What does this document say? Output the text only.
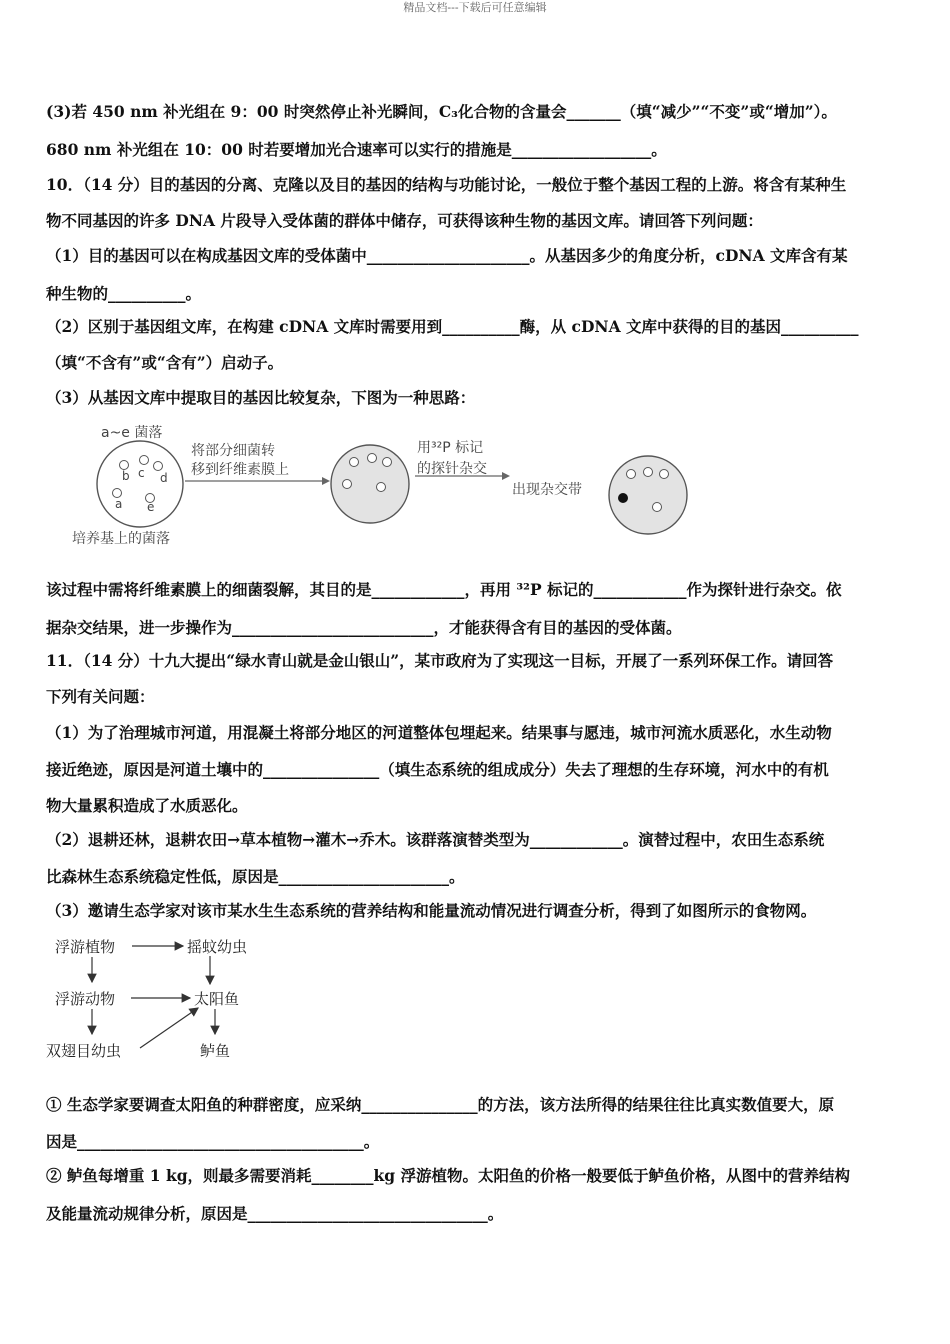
精品文档---下载后可任意编辑
(3)若 450 nm 补光组在 9：00 时突然停止补光瞬间，C₃化合物的含量会_______（填“减少”“不变”或“增加”）。
680 nm 补光组在 10：00 时若要增加光合速率可以实行的措施是__________________。
10．（14 分）目的基因的分离、克隆以及目的基因的结构与功能讨论，一般位于整个基因工程的上游。将含有某种生
物不同基因的许多 DNA 片段导入受体菌的群体中储存，可获得该种生物的基因文库。请回答下列问题：
（1）目的基因可以在构成基因文库的受体菌中_____________________。从基因多少的角度分析，cDNA 文库含有某
种生物的__________。
（2）区别于基因组文库，在构建 cDNA 文库时需要用到__________酶，从 cDNA 文库中获得的目的基因__________
（填“不含有”或“含有”）启动子。
（3）从基因文库中提取目的基因比较复杂，下图为一种思路：
a~e 菌落
b c d
a e
将部分细菌转
移到纤维素膜上
用³²P 标记
的探针杂交
出现杂交带
培养基上的菌落
该过程中需将纤维素膜上的细菌裂解，其目的是____________，再用 ³²P 标记的____________作为探针进行杂交。依
据杂交结果，进一步操作为__________________________，才能获得含有目的基因的受体菌。
11．（14 分）十九大提出“绿水青山就是金山银山”，某市政府为了实现这一目标，开展了一系列环保工作。请回答
下列有关问题：
（1）为了治理城市河道，用混凝土将部分地区的河道整体包埋起来。结果事与愿违，城市河流水质恶化，水生动物
接近绝迹，原因是河道土壤中的_______________（填生态系统的组成成分）失去了理想的生存环境，河水中的有机
物大量累积造成了水质恶化。
（2）退耕还林，退耕农田→草本植物→灌木→乔木。该群落演替类型为____________。演替过程中，农田生态系统
比森林生态系统稳定性低，原因是______________________。
（3）邀请生态学家对该市某水生生态系统的营养结构和能量流动情况进行调查分析，得到了如图所示的食物网。
浮游植物	摇蚊幼虫
浮游动物	太阳鱼
双翅目幼虫	鲈鱼
① 生态学家要调查太阳鱼的种群密度，应采纳_______________的方法，该方法所得的结果往往比真实数值要大，原
因是_____________________________________。
② 鲈鱼每增重 1 kg，则最多需要消耗________kg 浮游植物。太阳鱼的价格一般要低于鲈鱼价格，从图中的营养结构
及能量流动规律分析，原因是_______________________________。
